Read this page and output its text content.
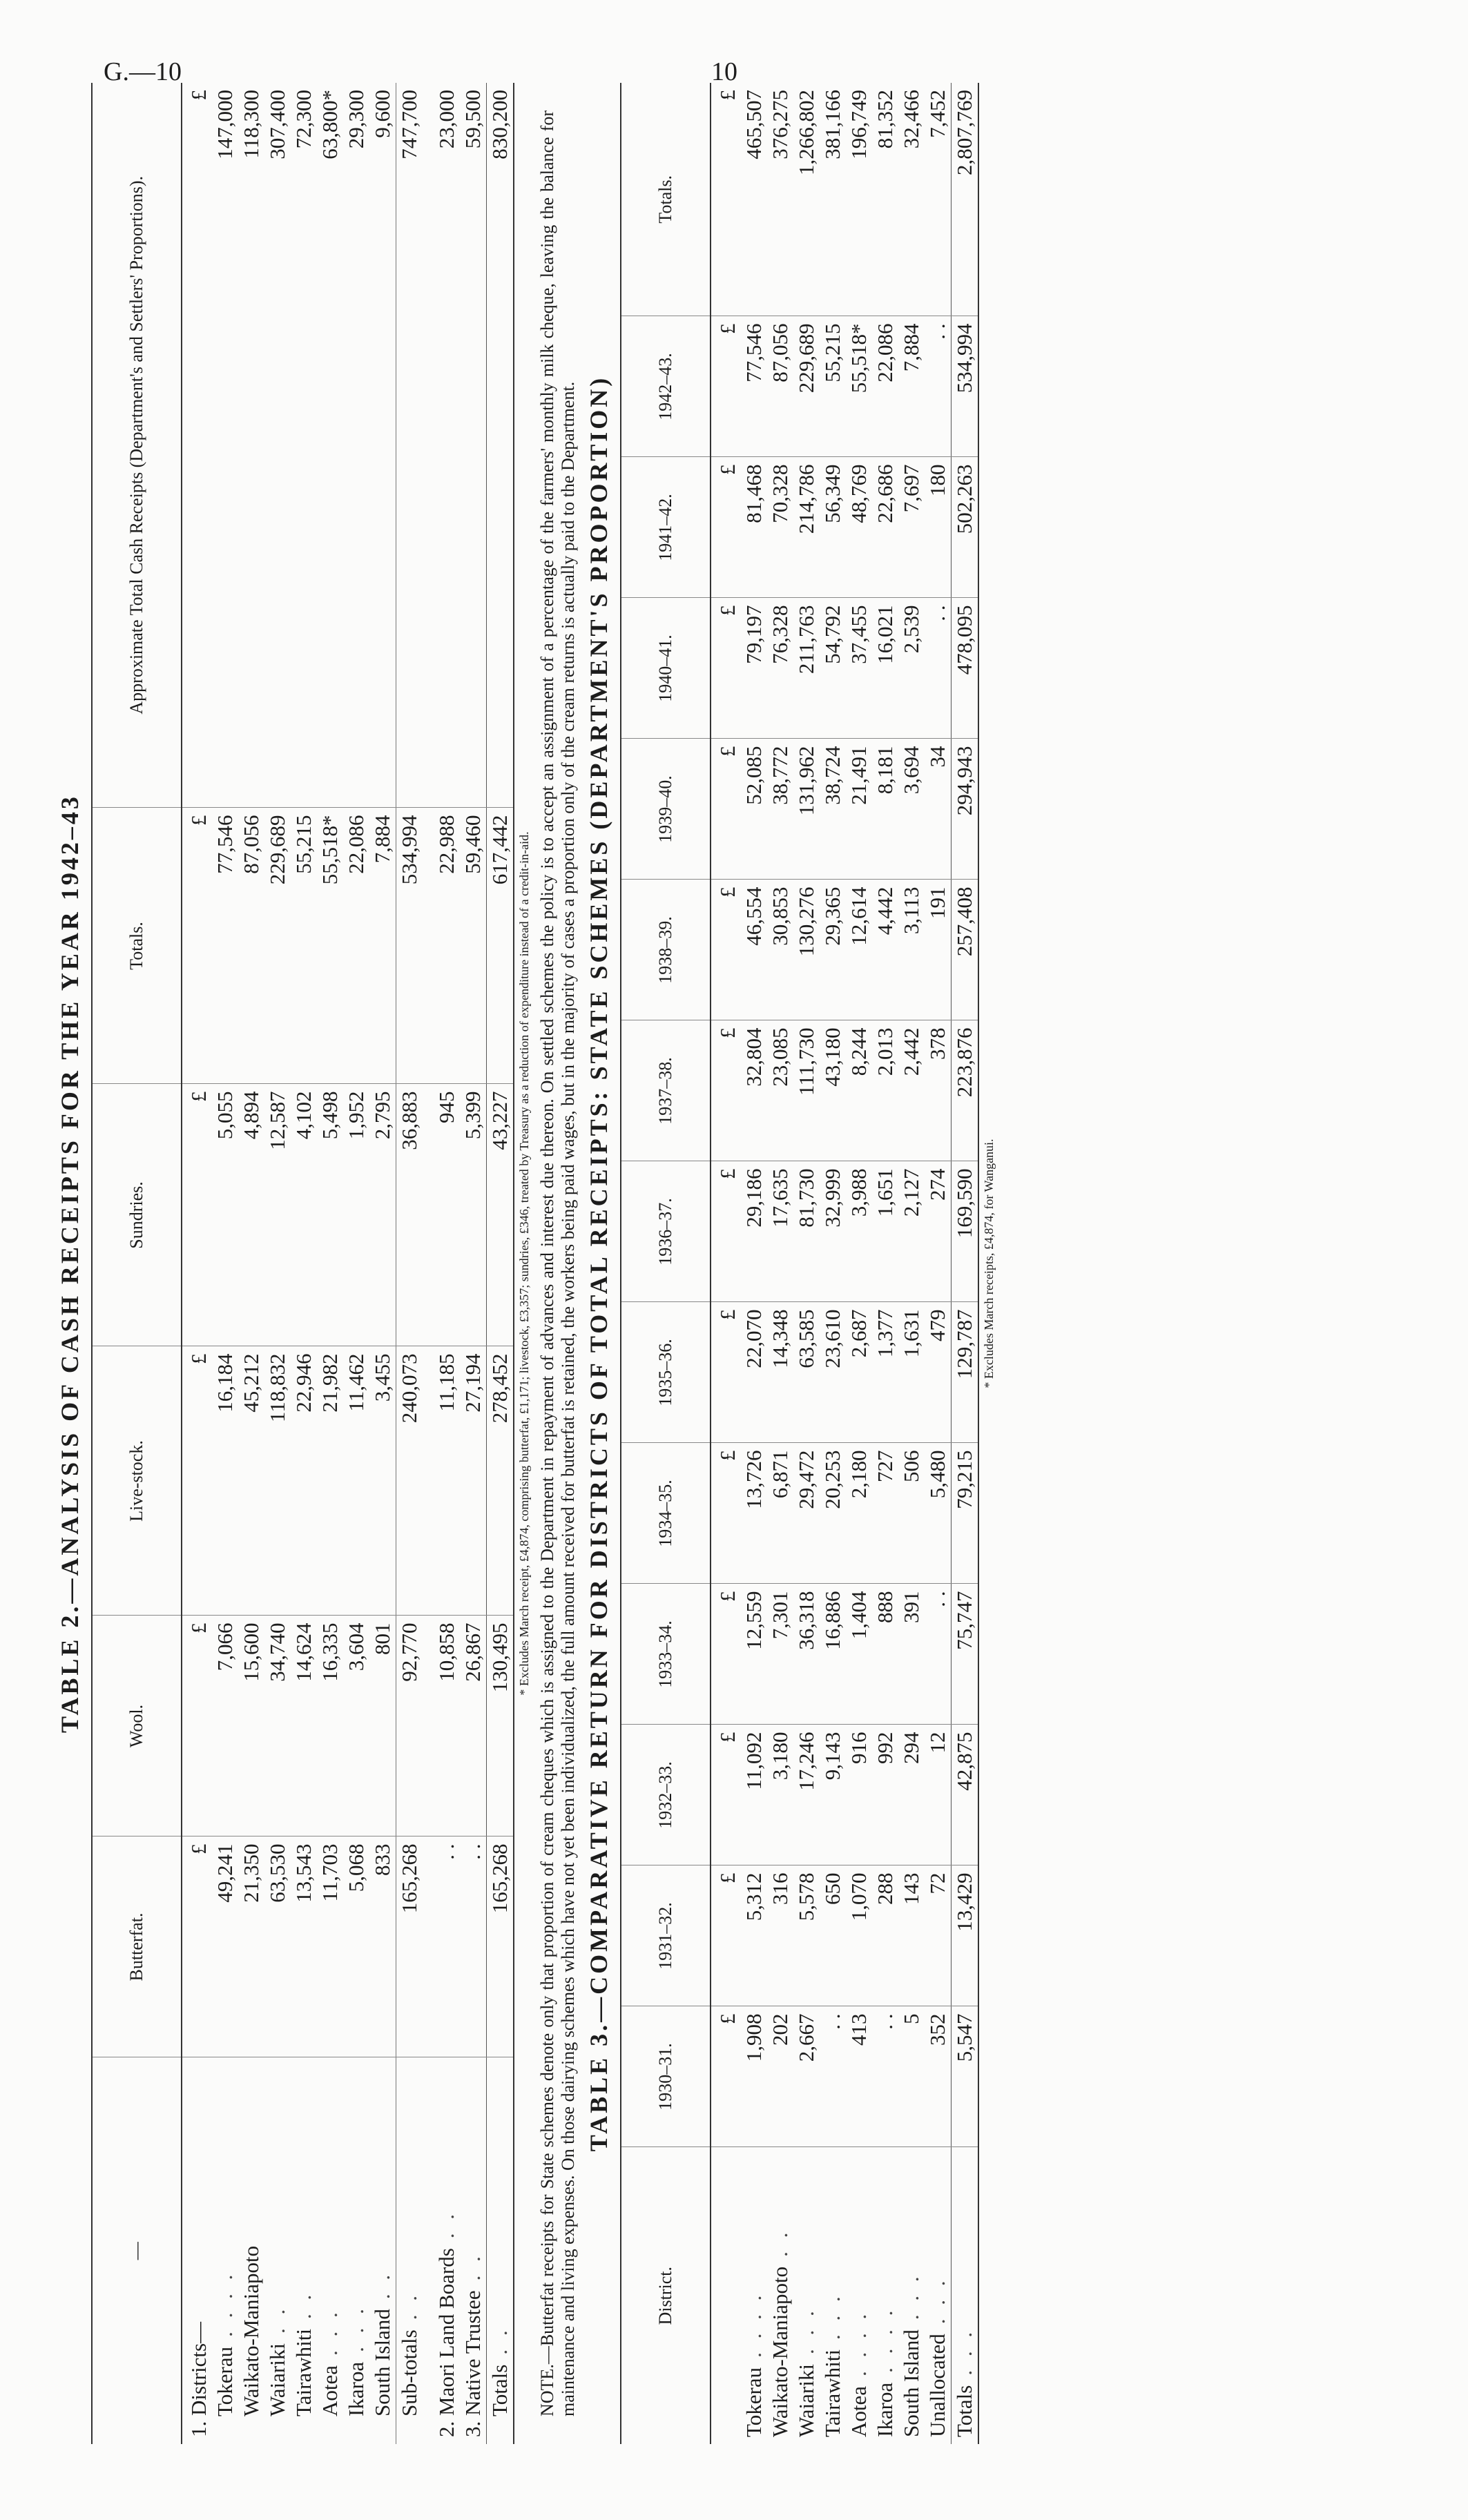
G.—10	10
TABLE 2.—ANALYSIS OF CASH RECEIPTS FOR THE YEAR 1942–43
—	Butterfat.	Wool.	Live-stock.	Sundries.	Totals.	Approximate Total Cash Receipts (Department's and Settlers' Proportions).
1. Districts—	£	£	£	£	£	£
Tokerau. . . .	49,241	7,066	16,184	5,055	77,546	147,000
Waikato-Maniapoto	21,350	15,600	45,212	4,894	87,056	118,300
Waiariki. .	63,530	34,740	118,832	12,587	229,689	307,400
Tairawhiti. .	13,543	14,624	22,946	4,102	55,215	72,300
Aotea. . .	11,703	16,335	21,982	5,498	55,518*	63,800*
Ikaroa. . .	5,068	3,604	11,462	1,952	22,086	29,300
South Island. .	833	801	3,455	2,795	7,884	9,600
Sub-totals. .	165,268	92,770	240,073	36,883	534,994	747,700

2. Maori Land Boards. .	. .	10,858	11,185	945	22,988	23,000
3. Native Trustee. .	. .	26,867	27,194	5,399	59,460	59,500
Totals. .	165,268	130,495	278,452	43,227	617,442	830,200
* Excludes March receipt, £4,874, comprising butterfat, £1,171; livestock, £3,357; sundries, £346, treated by Treasury as a reduction of expenditure instead of a credit-in-aid. NOTE.—Butterfat receipts for State schemes denote only that proportion of cream cheques which is assigned to the Department in repayment of advances and interest due thereon. On settled schemes the policy is to accept an assignment of a percentage of the farmers' monthly milk cheque, leaving the balance for maintenance and living expenses. On those dairying schemes which have not yet been individualized, the full amount received for butterfat is retained, the workers being paid wages, but in the majority of cases a proportion only of the cream returns is actually paid to the Department. TABLE 3.—COMPARATIVE RETURN FOR DISTRICTS OF TOTAL RECEIPTS: STATE SCHEMES (DEPARTMENT'S PROPORTION)
District.	1930–31.	1931–32.	1932–33.	1933–34.	1934–35.	1935–36.	1936–37.	1937–38.	1938–39.	1939–40.	1940–41.	1941–42.	1942–43.	Totals.
	£	£	£	£	£	£	£	£	£	£	£	£	£	£
Tokerau. . . .	1,908	5,312	11,092	12,559	13,726	22,070	29,186	32,804	46,554	52,085	79,197	81,468	77,546	465,507
Waikato-Maniapoto. .	202	316	3,180	7,301	6,871	14,348	17,635	23,085	30,853	38,772	76,328	70,328	87,056	376,275
Waiariki. . .	2,667	5,578	17,246	36,318	29,472	63,585	81,730	111,730	130,276	131,962	211,763	214,786	229,689	1,266,802
Tairawhiti. . .	. .	650	9,143	16,886	20,253	23,610	32,999	43,180	29,365	38,724	54,792	56,349	55,215	381,166
Aotea. . . .	413	1,070	916	1,404	2,180	2,687	3,988	8,244	12,614	21,491	37,455	48,769	55,518*	196,749
Ikaroa. . . .	. .	288	992	888	727	1,377	1,651	2,013	4,442	8,181	16,021	22,686	22,086	81,352
South Island. . .	5	143	294	391	506	1,631	2,127	2,442	3,113	3,694	2,539	7,697	7,884	32,466
Unallocated. . .	352	72	12	. .	5,480	479	274	378	191	34	. .	180	. .	7,452
Totals. . .	5,547	13,429	42,875	75,747	79,215	129,787	169,590	223,876	257,408	294,943	478,095	502,263	534,994	2,807,769
* Excludes March receipts, £4,874, for Wanganui.
